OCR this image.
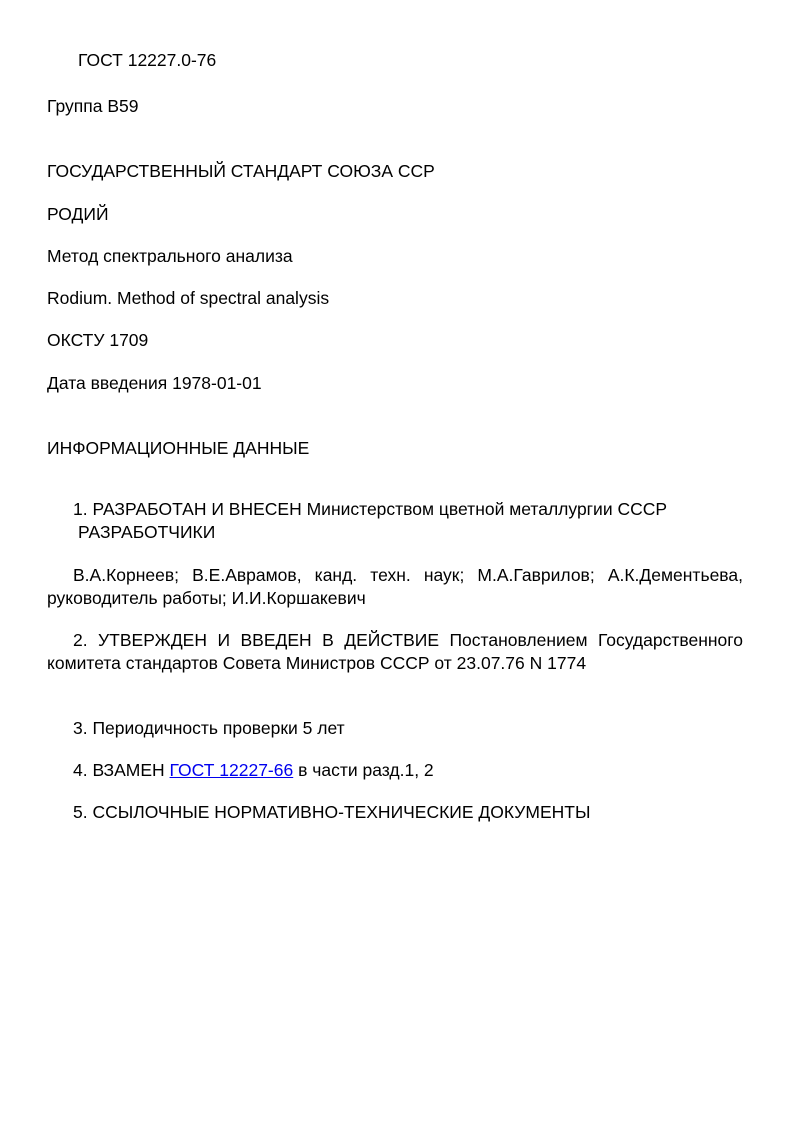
ГОСТ 12227.0-76
Группа В59
ГОСУДАРСТВЕННЫЙ СТАНДАРТ СОЮЗА ССР
РОДИЙ
Метод спектрального анализа
Rodium. Method of spectral analysis
ОКСТУ 1709
Дата введения 1978-01-01
ИНФОРМАЦИОННЫЕ ДАННЫЕ
1. РАЗРАБОТАН И ВНЕСЕН Министерством цветной металлургии СССР
РАЗРАБОТЧИКИ
В.А.Корнеев; В.Е.Аврамов, канд. техн. наук; М.А.Гаврилов; А.К.Дементьева, руководитель работы; И.И.Коршакевич
2. УТВЕРЖДЕН И ВВЕДЕН В ДЕЙСТВИЕ Постановлением Государственного комитета стандартов Совета Министров СССР от 23.07.76 N 1774
3. Периодичность проверки 5 лет
4. ВЗАМЕН ГОСТ 12227-66 в части разд.1, 2
5. ССЫЛОЧНЫЕ НОРМАТИВНО-ТЕХНИЧЕСКИЕ ДОКУМЕНТЫ
